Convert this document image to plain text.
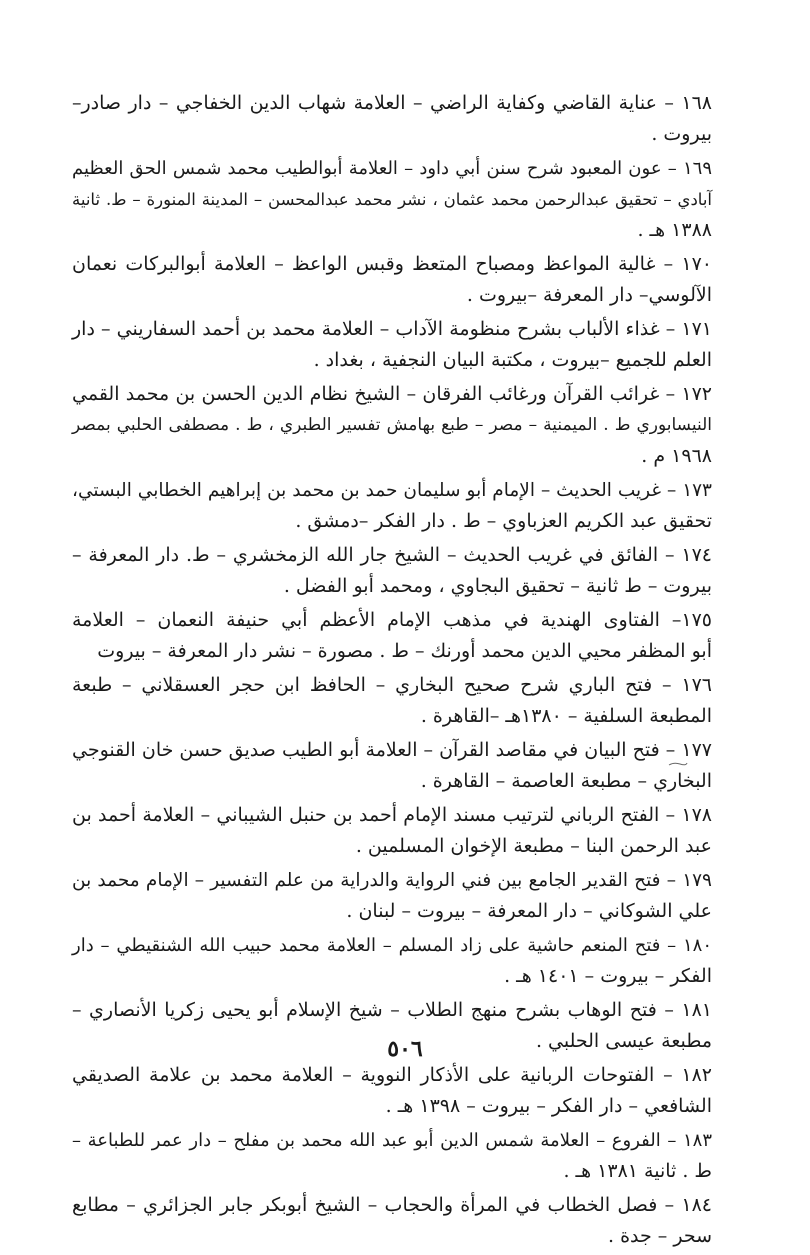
١٦٨ – عناية القاضي وكفاية الراضي – العلامة شهاب الدين الخفاجي – دار صادر–
بيروت .
١٦٩ – عون المعبود شرح سنن أبي داود – العلامة أبوالطيب محمد شمس الحق العظيم
آبادي – تحقيق عبدالرحمن محمد عثمان ، نشر محمد عبدالمحسن – المدينة المنورة – ط. ثانية
١٣٨٨ هـ .
١٧٠ – غالية المواعظ ومصباح المتعظ وقبس الواعظ – العلامة أبوالبركات نعمان
الآلوسي– دار المعرفة –بيروت .
١٧١ – غذاء الألباب بشرح منظومة الآداب – العلامة محمد بن أحمد السفاريني – دار
العلم للجميع –بيروت ، مكتبة البيان النجفية ، بغداد .
١٧٢ – غرائب القرآن ورغائب الفرقان – الشيخ نظام الدين الحسن بن محمد القمي
النيسابوري ط . الميمنية – مصر – طبع بهامش تفسير الطبري ، ط . مصطفى الحلبي بمصر
١٩٦٨ م .
١٧٣ – غريب الحديث – الإمام أبو سليمان حمد بن محمد بن إبراهيم الخطابي البستي،
تحقيق عبد الكريم العزباوي – ط . دار الفكر –دمشق .
١٧٤ – الفائق في غريب الحديث – الشيخ جار الله الزمخشري – ط. دار المعرفة –
بيروت – ط ثانية – تحقيق البجاوي ، ومحمد أبو الفضل .
١٧٥– الفتاوى الهندية في مذهب الإمام الأعظم أبي حنيفة النعمان – العلامة
أبو المظفر محيي الدين محمد أورنك – ط . مصورة – نشر دار المعرفة – بيروت
١٧٦ – فتح الباري شرح صحيح البخاري – الحافظ ابن حجر العسقلاني – طبعة
المطبعة السلفية – ١٣٨٠هـ –القاهرة .
١٧٧ – فتح البيان في مقاصد القرآن – العلامة أبو الطيب صديق حسن خان القنوجي
البخاري – مطبعة العاصمة – القاهرة .
١٧٨ – الفتح الرباني لترتيب مسند الإمام أحمد بن حنبل الشيباني – العلامة أحمد بن
عبد الرحمن البنا – مطبعة الإخوان المسلمين .
١٧٩ – فتح القدير الجامع بين فني الرواية والدراية من علم التفسير – الإمام محمد بن
علي الشوكاني – دار المعرفة – بيروت – لبنان .
١٨٠ – فتح المنعم حاشية على زاد المسلم – العلامة محمد حبيب الله الشنقيطي – دار
الفكر – بيروت – ١٤٠١ هـ .
١٨١ – فتح الوهاب بشرح منهج الطلاب – شيخ الإسلام أبو يحيى زكريا الأنصاري –
مطبعة عيسى الحلبي .
١٨٢ – الفتوحات الربانية على الأذكار النووية – العلامة محمد بن علامة الصديقي
الشافعي – دار الفكر – بيروت – ١٣٩٨ هـ .
١٨٣ – الفروع – العلامة شمس الدين أبو عبد الله محمد بن مفلح – دار عمر للطباعة –
ط . ثانية ١٣٨١ هـ .
١٨٤ – فصل الخطاب في المرأة والحجاب – الشيخ أبوبكر جابر الجزائري – مطابع
سحر – جدة .
٥٠٦
